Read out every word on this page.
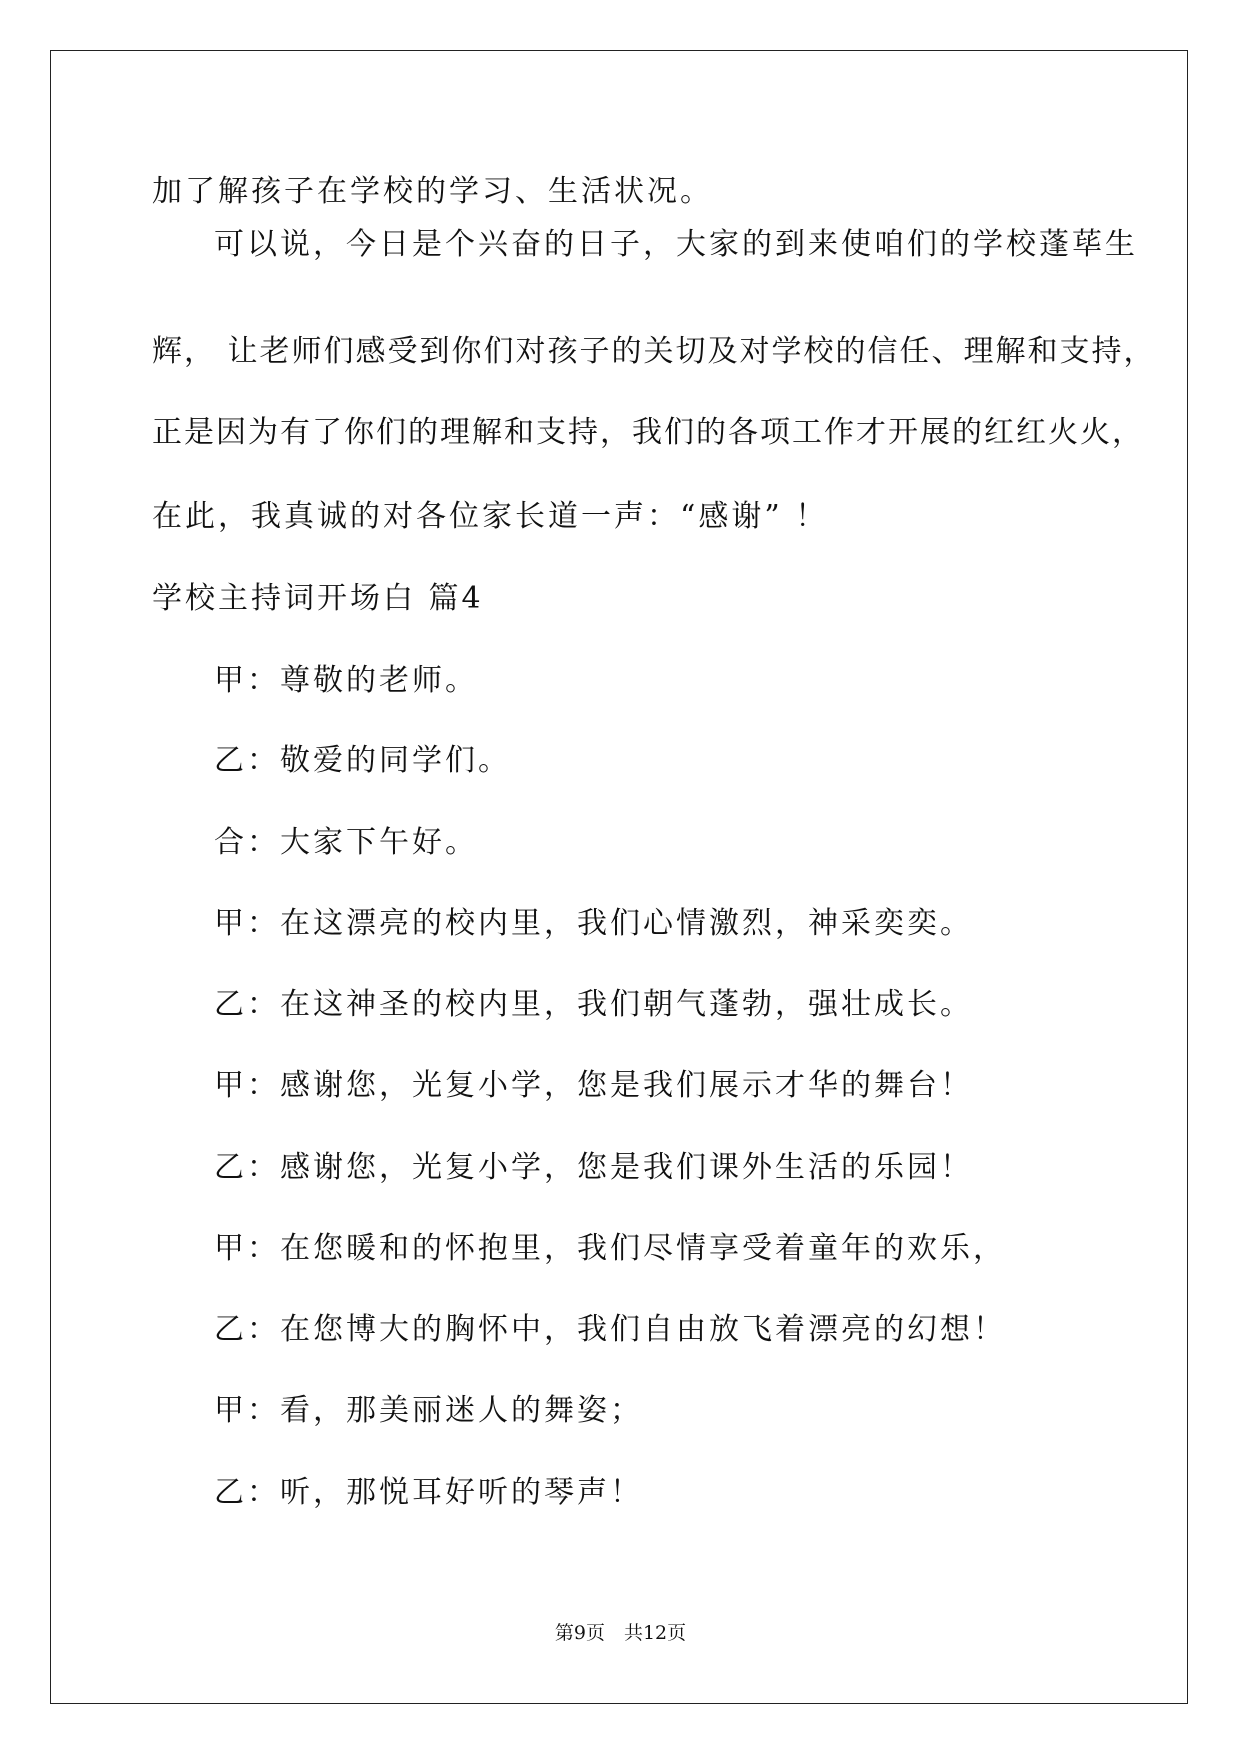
加了解孩子在学校的学习、生活状况。
可以说，今日是个兴奋的日子，大家的到来使咱们的学校蓬荜生
辉， 让老师们感受到你们对孩子的关切及对学校的信任、理解和支持，
正是因为有了你们的理解和支持，我们的各项工作才开展的红红火火，
在此，我真诚的对各位家长道一声：“感谢” ！
学校主持词开场白 篇4
甲：尊敬的老师。
乙：敬爱的同学们。
合：大家下午好。
甲：在这漂亮的校内里，我们心情激烈，神采奕奕。
乙：在这神圣的校内里，我们朝气蓬勃，强壮成长。
甲：感谢您，光复小学，您是我们展示才华的舞台！
乙：感谢您，光复小学，您是我们课外生活的乐园！
甲：在您暖和的怀抱里，我们尽情享受着童年的欢乐，
乙：在您博大的胸怀中，我们自由放飞着漂亮的幻想！
甲：看，那美丽迷人的舞姿；
乙：听，那悦耳好听的琴声！
第9页　共12页
